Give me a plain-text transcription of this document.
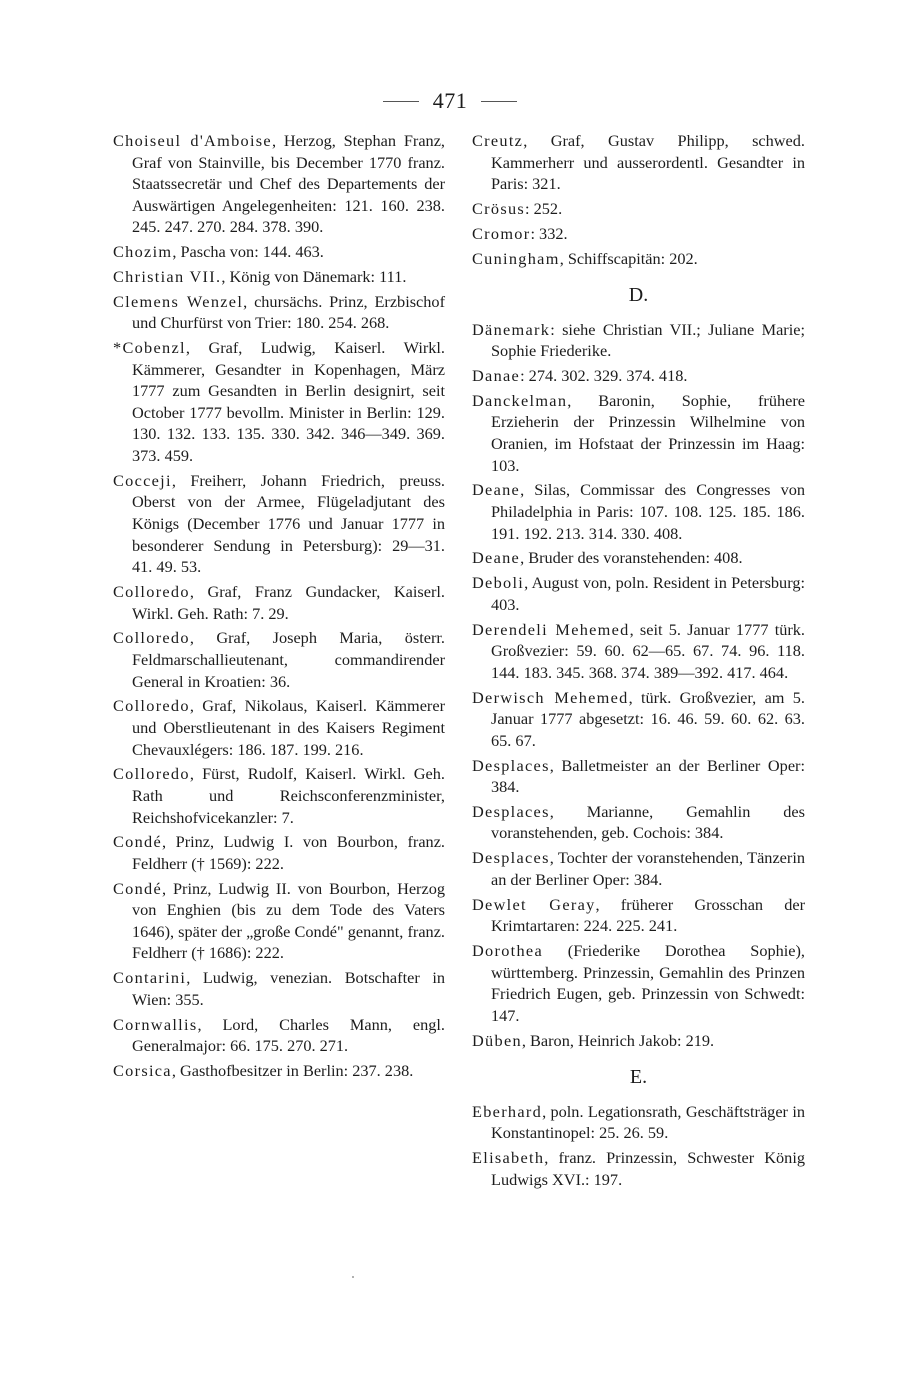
471

Choiseul d'Amboise, Herzog, Stephan Franz, Graf von Stainville, bis December 1770 franz. Staatssecretär und Chef des Departements der Auswärtigen Angelegenheiten: 121. 160. 238. 245. 247. 270. 284. 378. 390.

Chozim, Pascha von: 144. 463.

Christian VII., König von Dänemark: 111.

Clemens Wenzel, chursächs. Prinz, Erzbischof und Churfürst von Trier: 180. 254. 268.

*Cobenzl, Graf, Ludwig, Kaiserl. Wirkl. Kämmerer, Gesandter in Kopenhagen, März 1777 zum Gesandten in Berlin designirt, seit October 1777 bevollm. Minister in Berlin: 129. 130. 132. 133. 135. 330. 342. 346—349. 369. 373. 459.

Cocceji, Freiherr, Johann Friedrich, preuss. Oberst von der Armee, Flügeladjutant des Königs (December 1776 und Januar 1777 in besonderer Sendung in Petersburg): 29—31. 41. 49. 53.

Colloredo, Graf, Franz Gundacker, Kaiserl. Wirkl. Geh. Rath: 7. 29.

Colloredo, Graf, Joseph Maria, österr. Feldmarschallieutenant, commandirender General in Kroatien: 36.

Colloredo, Graf, Nikolaus, Kaiserl. Kämmerer und Oberstlieutenant in des Kaisers Regiment Chevauxlégers: 186. 187. 199. 216.

Colloredo, Fürst, Rudolf, Kaiserl. Wirkl. Geh. Rath und Reichsconferenzminister, Reichshofvicekanzler: 7.

Condé, Prinz, Ludwig I. von Bourbon, franz. Feldherr († 1569): 222.

Condé, Prinz, Ludwig II. von Bourbon, Herzog von Enghien (bis zu dem Tode des Vaters 1646), später der „große Condé" genannt, franz. Feldherr († 1686): 222.

Contarini, Ludwig, venezian. Botschafter in Wien: 355.

Cornwallis, Lord, Charles Mann, engl. Generalmajor: 66. 175. 270. 271.

Corsica, Gasthofbesitzer in Berlin: 237. 238.

Creutz, Graf, Gustav Philipp, schwed. Kammerherr und ausserordentl. Gesandter in Paris: 321.

Crösus: 252.

Cromor: 332.

Cuningham, Schiffscapitän: 202.

D.

Dänemark: siehe Christian VII.; Juliane Marie; Sophie Friederike.

Danae: 274. 302. 329. 374. 418.

Danckelman, Baronin, Sophie, frühere Erzieherin der Prinzessin Wilhelmine von Oranien, im Hofstaat der Prinzessin im Haag: 103.

Deane, Silas, Commissar des Congresses von Philadelphia in Paris: 107. 108. 125. 185. 186. 191. 192. 213. 314. 330. 408.

Deane, Bruder des voranstehenden: 408.

Deboli, August von, poln. Resident in Petersburg: 403.

Derendeli Mehemed, seit 5. Januar 1777 türk. Großvezier: 59. 60. 62—65. 67. 74. 96. 118. 144. 183. 345. 368. 374. 389—392. 417. 464.

Derwisch Mehemed, türk. Großvezier, am 5. Januar 1777 abgesetzt: 16. 46. 59. 60. 62. 63. 65. 67.

Desplaces, Balletmeister an der Berliner Oper: 384.

Desplaces, Marianne, Gemahlin des voranstehenden, geb. Cochois: 384.

Desplaces, Tochter der voranstehenden, Tänzerin an der Berliner Oper: 384.

Dewlet Geray, früherer Grosschan der Krimtartaren: 224. 225. 241.

Dorothea (Friederike Dorothea Sophie), württemberg. Prinzessin, Gemahlin des Prinzen Friedrich Eugen, geb. Prinzessin von Schwedt: 147.

Düben, Baron, Heinrich Jakob: 219.

E.

Eberhard, poln. Legationsrath, Geschäftsträger in Konstantinopel: 25. 26. 59.

Elisabeth, franz. Prinzessin, Schwester König Ludwigs XVI.: 197.
